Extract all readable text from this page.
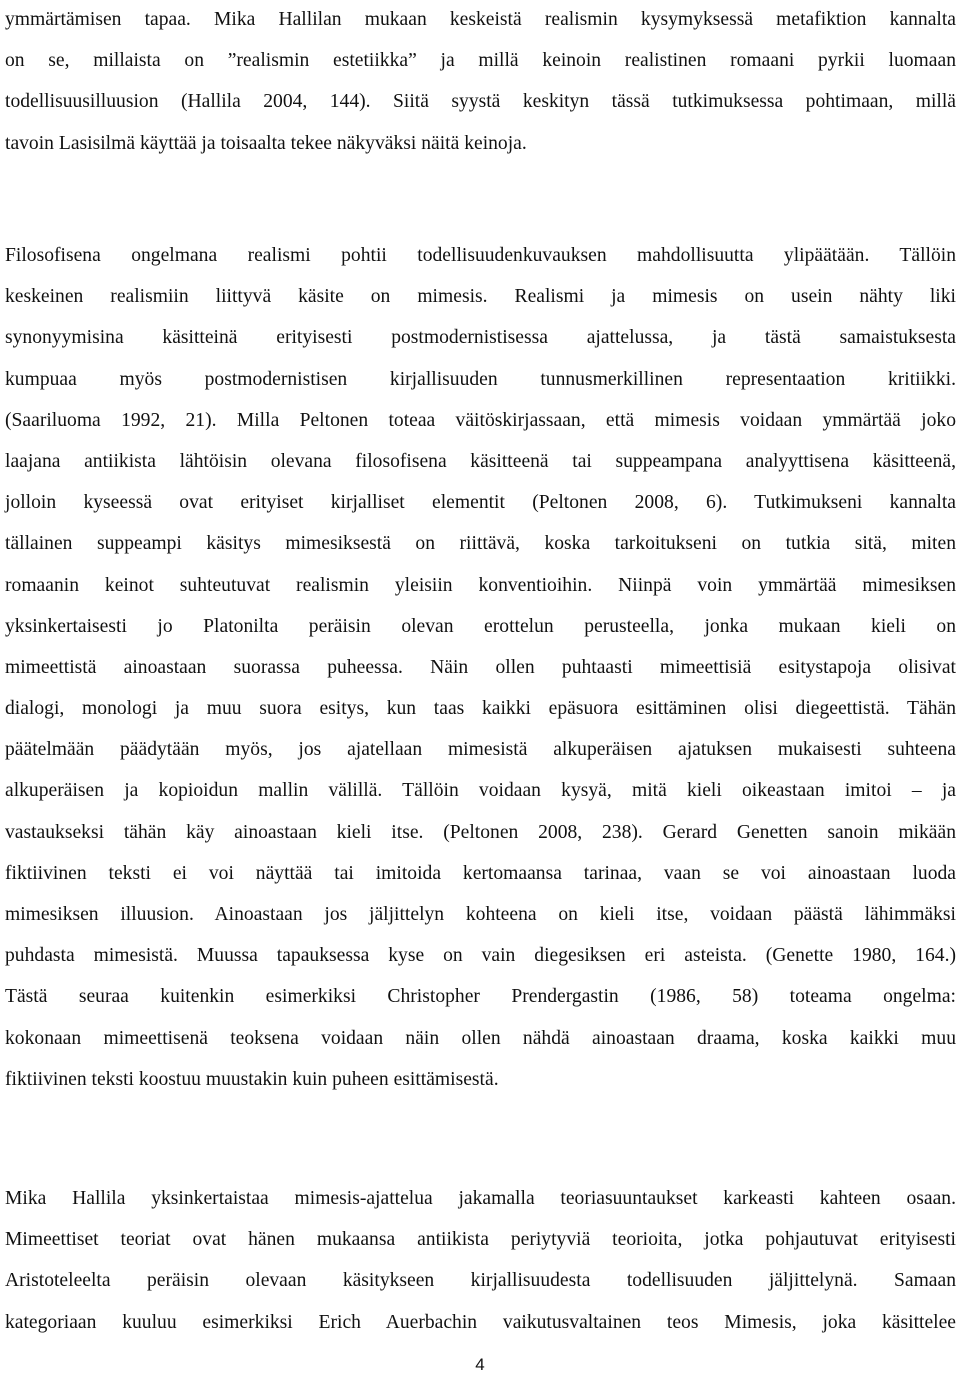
ymmärtämisen tapaa. Mika Hallilan mukaan keskeistä realismin kysymyksessä metafiktion kannalta
on se, millaista on ”realismin estetiikka” ja millä keinoin realistinen romaani pyrkii luomaan
todellisuusilluusion (Hallila 2004, 144). Siitä syystä keskityn tässä tutkimuksessa pohtimaan, millä
tavoin Lasisilmä käyttää ja toisaalta tekee näkyväksi näitä keinoja.
Filosofisena ongelmana realismi pohtii todellisuudenkuvauksen mahdollisuutta ylipäätään. Tällöin
keskeinen realismiin liittyvä käsite on mimesis. Realismi ja mimesis on usein nähty liki
synonyymisina käsitteinä erityisesti postmodernistisessa ajattelussa, ja tästä samaistuksesta
kumpuaa myös postmodernistisen kirjallisuuden tunnusmerkillinen representaation kritiikki.
(Saariluoma 1992, 21). Milla Peltonen toteaa väitöskirjassaan, että mimesis voidaan ymmärtää joko
laajana antiikista lähtöisin olevana filosofisena käsitteenä tai suppeampana analyyttisena käsitteenä,
jolloin kyseessä ovat erityiset kirjalliset elementit (Peltonen 2008, 6). Tutkimukseni kannalta
tällainen suppeampi käsitys mimesiksestä on riittävä, koska tarkoitukseni on tutkia sitä, miten
romaanin keinot suhteutuvat realismin yleisiin konventioihin. Niinpä voin ymmärtää mimesiksen
yksinkertaisesti jo Platonilta peräisin olevan erottelun perusteella, jonka mukaan kieli on
mimeettistä ainoastaan suorassa puheessa. Näin ollen puhtaasti mimeettisiä esitystapoja olisivat
dialogi, monologi ja muu suora esitys, kun taas kaikki epäsuora esittäminen olisi diegeettistä. Tähän
päätelmään päädytään myös, jos ajatellaan mimesistä alkuperäisen ajatuksen mukaisesti suhteena
alkuperäisen ja kopioidun mallin välillä. Tällöin voidaan kysyä, mitä kieli oikeastaan imitoi – ja
vastaukseksi tähän käy ainoastaan kieli itse. (Peltonen 2008, 238). Gerard Genetten sanoin mikään
fiktiivinen teksti ei voi näyttää tai imitoida kertomaansa tarinaa, vaan se voi ainoastaan luoda
mimesiksen illuusion. Ainoastaan jos jäljittelyn kohteena on kieli itse, voidaan päästä lähimmäksi
puhdasta mimesistä. Muussa tapauksessa kyse on vain diegesiksen eri asteista. (Genette 1980, 164.)
Tästä seuraa kuitenkin esimerkiksi Christopher Prendergastin (1986, 58) toteama ongelma:
kokonaan mimeettisenä teoksena voidaan näin ollen nähdä ainoastaan draama, koska kaikki muu
fiktiivinen teksti koostuu muustakin kuin puheen esittämisestä.
Mika Hallila yksinkertaistaa mimesis-ajattelua jakamalla teoriasuuntaukset karkeasti kahteen osaan.
Mimeettiset teoriat ovat hänen mukaansa antiikista periytyviä teorioita, jotka pohjautuvat erityisesti
Aristoteleelta peräisin olevaan käsitykseen kirjallisuudesta todellisuuden jäljittelynä. Samaan
kategoriaan kuuluu esimerkiksi Erich Auerbachin vaikutusvaltainen teos Mimesis, joka käsittelee
4
